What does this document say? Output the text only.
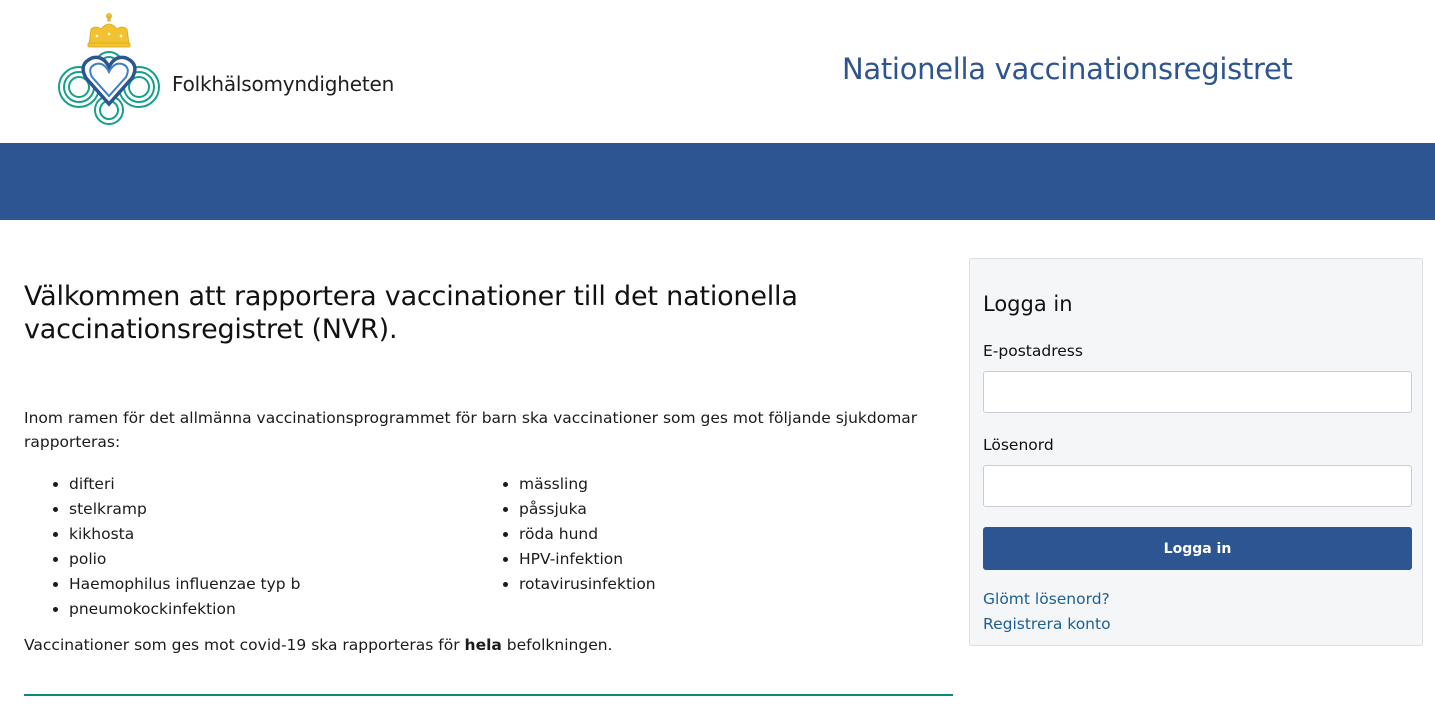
Folkhälsomyndigheten	Nationella vaccinationsregistret
Välkommen att rapportera vaccinationer till det nationella vaccinationsregistret (NVR).

Inom ramen för det allmänna vaccinationsprogrammet för barn ska vaccinationer som ges mot följande sjukdomar rapporteras:

• difteri
• stelkramp
• kikhosta
• polio
• Haemophilus influenzae typ b
• pneumokockinfektion
• mässling
• påssjuka
• röda hund
• HPV-infektion
• rotavirusinfektion

Vaccinationer som ges mot covid-19 ska rapporteras för hela befolkningen.

Logga in
E-postadress
Lösenord
Logga in
Glömt lösenord?
Registrera konto
